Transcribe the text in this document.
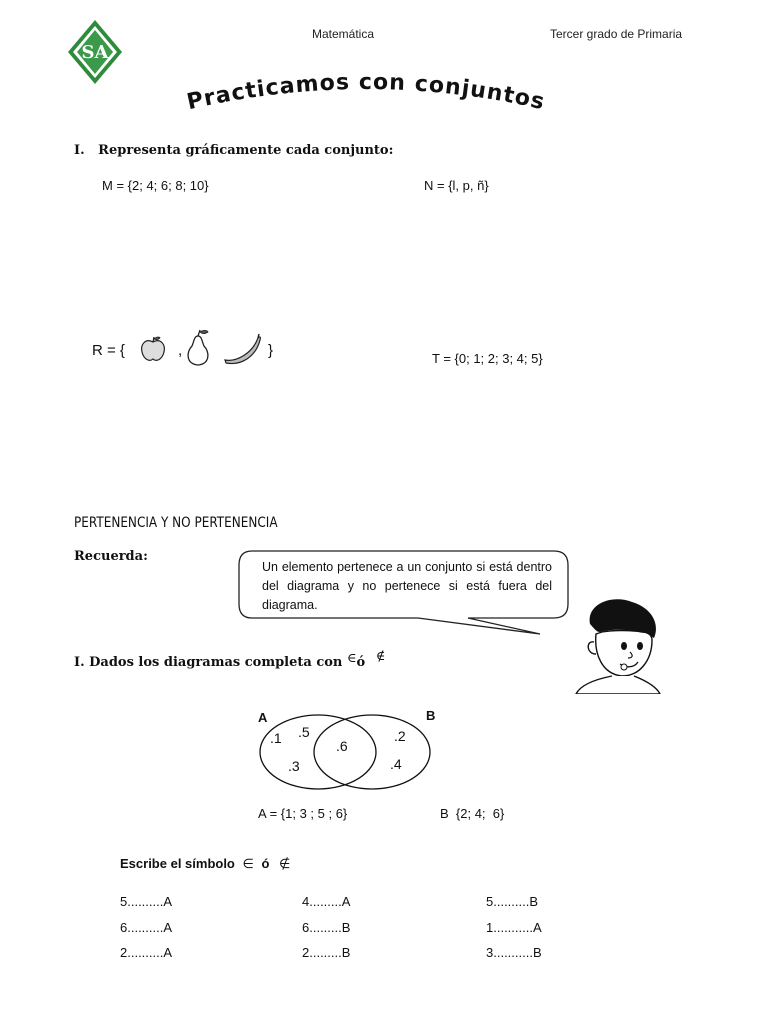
SA
Matemática	Tercer grado de Primaria
Practicamos con conjuntos
I.   Representa gráficamente cada conjunto:
M = {2; 4; 6; 8; 10}	N = {l, p, ñ}
R = {	,	}	T = {0; 1; 2; 3; 4; 5}
PERTENENCIA Y NO PERTENENCIA
Recuerda:
Un elemento pertenece a un conjunto si está dentro del diagrama y no pertenece si está fuera del diagrama.
I. Dados los diagramas completa con ∈ó ∉
A	B
.1 .5
.3
.6
.2
.4
A = {1; 3 ; 5 ; 6}	B  {2; 4;  6}
Escribe el símbolo ∈ ó ∉
5..........A	4.........A	5..........B
6..........A	6.........B	1...........A
2..........A	2.........B	3...........B
